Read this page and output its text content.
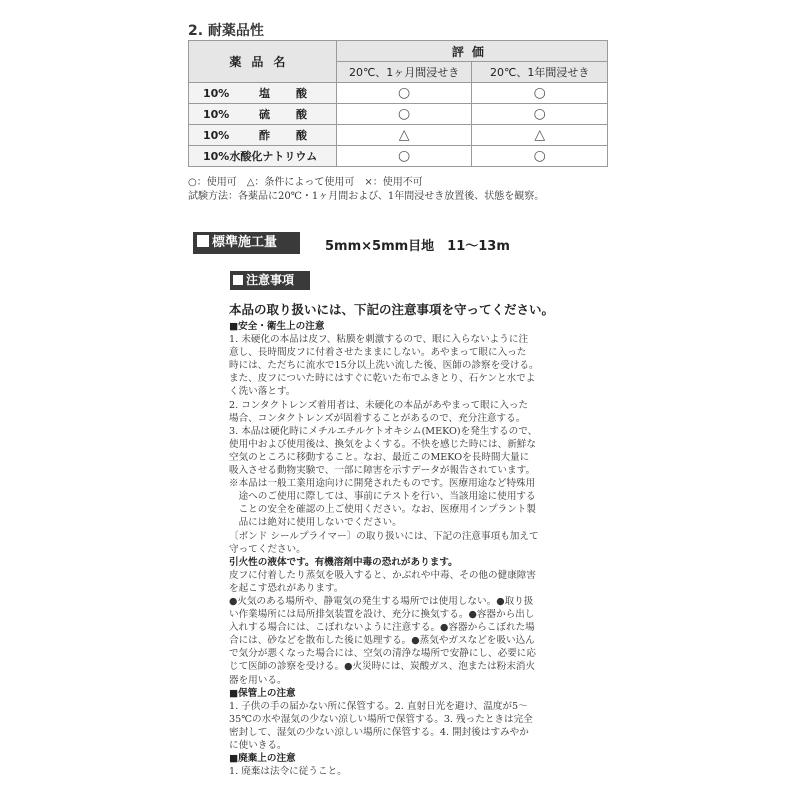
2. 耐薬品性
薬品名	評価	
	20℃、1ヶ月間浸せき	20℃、1年間浸せき
10% 塩酸	○	○
10% 硫酸	○	○
10% 酢酸	△	△
10%水酸化ナトリウム	○	○
○：使用可　△：条件によって使用可　×：使用不可
試験方法：各薬品に20℃・1ヶ月間および、1年間浸せき放置後、状態を観察。
標準施工量	5mm×5mm目地　11〜13m
注意事項
本品の取り扱いには、下記の注意事項を守ってください。

■安全・衛生上の注意

1. 未硬化の本品は皮フ、粘膜を刺激するので、眼に入らないように注

意し、長時間皮フに付着させたままにしない。あやまって眼に入った

時には、ただちに流水で15分以上洗い流した後、医師の診察を受ける。

また、皮フについた時にはすぐに乾いた布でふきとり、石ケンと水でよ

く洗い落とす。

2. コンタクトレンズ着用者は、未硬化の本品があやまって眼に入った

場合、コンタクトレンズが固着することがあるので、充分注意する。

3. 本品は硬化時にメチルエチルケトオキシム(MEKO)を発生するので、

使用中および使用後は、換気をよくする。不快を感じた時には、新鮮な

空気のところに移動すること。なお、最近このMEKOを長時間大量に

吸入させる動物実験で、一部に障害を示すデータが報告されています。

※本品は一般工業用途向けに開発されたものです。医療用途など特殊用

　途へのご使用に際しては、事前にテストを行い、当該用途に使用する

　ことの安全を確認の上ご使用ください。なお、医療用インプラント製

　品には絶対に使用しないでください。

〔ボンド シールプライマー〕の取り扱いには、下記の注意事項も加えて

守ってください。

引火性の液体です。有機溶剤中毒の恐れがあります。

皮フに付着したり蒸気を吸入すると、かぶれや中毒、その他の健康障害

を起こす恐れがあります。

●火気のある場所や、静電気の発生する場所では使用しない。●取り扱

い作業場所には局所排気装置を設け、充分に換気する。●容器から出し

入れする場合には、こぼれないように注意する。●容器からこぼれた場

合には、砂などを散布した後に処理する。●蒸気やガスなどを吸い込ん

で気分が悪くなった場合には、空気の清浄な場所で安静にし、必要に応

じて医師の診察を受ける。●火災時には、炭酸ガス、泡または粉末消火

器を用いる。

■保管上の注意

1. 子供の手の届かない所に保管する。2. 直射日光を避け、温度が5〜

35℃の水や湿気の少ない涼しい場所で保管する。3. 残ったときは完全

密封して、湿気の少ない涼しい場所に保管する。4. 開封後はすみやか

に使いきる。

■廃棄上の注意

1. 廃棄は法令に従うこと。
